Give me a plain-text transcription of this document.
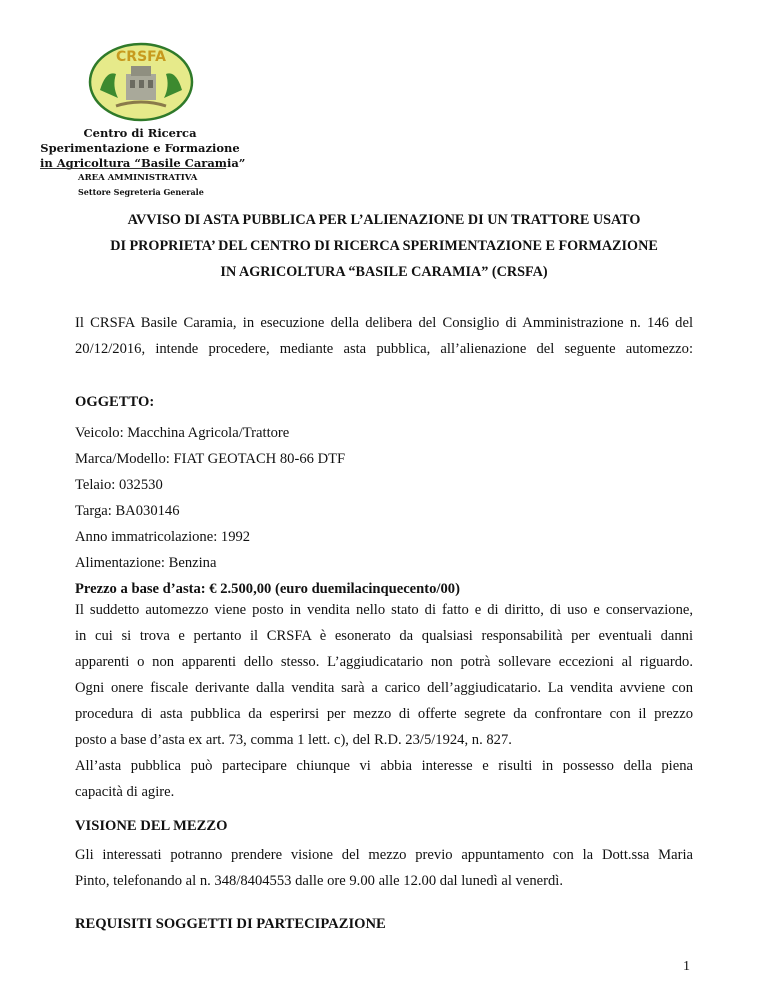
CRSFA
Centro di Ricerca
Sperimentazione e Formazione
in Agricoltura “Basile Caramia”
AREA AMMINISTRATIVA
Settore Segreteria Generale
AVVISO DI ASTA PUBBLICA PER L’ALIENAZIONE DI UN TRATTORE USATO
DI PROPRIETA’ DEL CENTRO DI RICERCA SPERIMENTAZIONE E FORMAZIONE
IN AGRICOLTURA “BASILE CARAMIA” (CRSFA)
Il CRSFA Basile Caramia, in esecuzione della delibera del Consiglio di Amministrazione n. 146 del
20/12/2016, intende procedere, mediante asta pubblica, all’alienazione del seguente automezzo:
OGGETTO:
Veicolo: Macchina Agricola/Trattore
Marca/Modello: FIAT GEOTACH 80-66 DTF
Telaio: 032530
Targa: BA030146
Anno immatricolazione: 1992
Alimentazione: Benzina
Prezzo a base d’asta: € 2.500,00 (euro duemilacinquecento/00)
Il suddetto automezzo viene posto in vendita nello stato di fatto e di diritto, di uso e conservazione,
in cui si trova e pertanto il CRSFA è esonerato da qualsiasi responsabilità per eventuali danni
apparenti o non apparenti dello stesso. L’aggiudicatario non potrà sollevare eccezioni al riguardo.
Ogni onere fiscale derivante dalla vendita sarà a carico dell’aggiudicatario. La vendita avviene con
procedura di asta pubblica da esperirsi per mezzo di offerte segrete da confrontare con il prezzo
posto a base d’asta ex art. 73, comma 1 lett. c), del R.D. 23/5/1924, n. 827.
All’asta pubblica può partecipare chiunque vi abbia interesse e risulti in possesso della piena
capacità di agire.
VISIONE DEL MEZZO
Gli interessati potranno prendere visione del mezzo previo appuntamento con la Dott.ssa Maria
Pinto, telefonando al n. 348/8404553 dalle ore 9.00 alle 12.00 dal lunedì al venerdì.
REQUISITI SOGGETTI DI PARTECIPAZIONE
1
